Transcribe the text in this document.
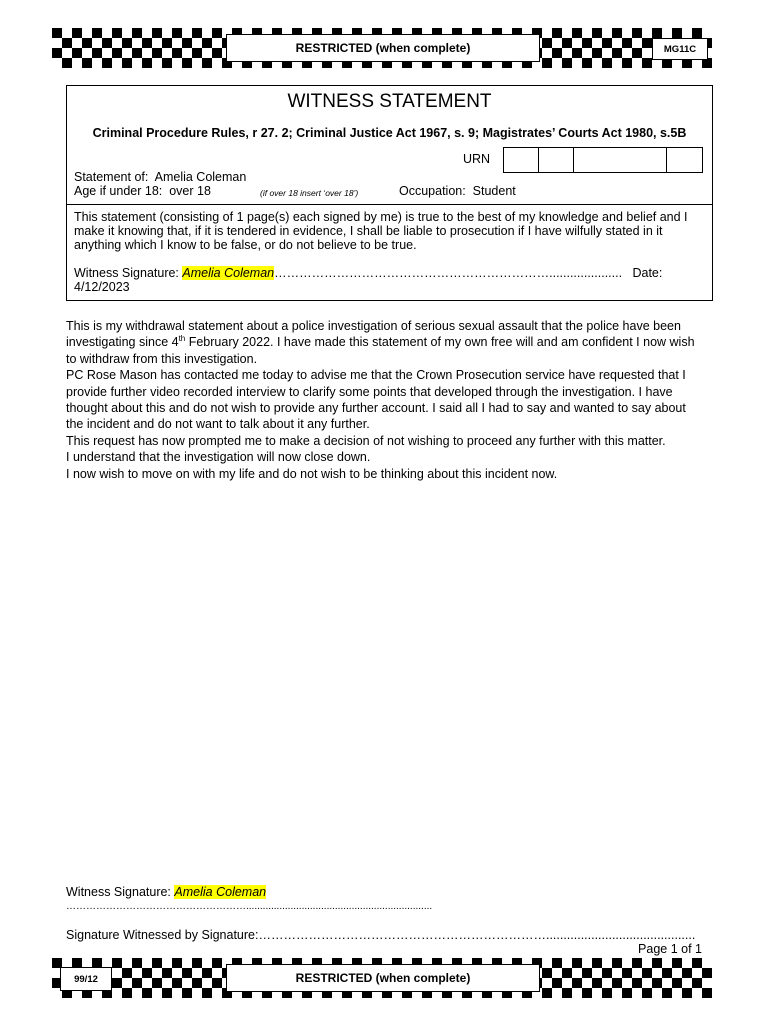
RESTRICTED (when complete)	MG11C
WITNESS STATEMENT
Criminal Procedure Rules, r 27. 2; Criminal Justice Act 1967, s. 9; Magistrates’ Courts Act 1980, s.5B
URN
Statement of: Amelia Coleman
Age if under 18: over 18	(if over 18 insert ‘over 18’)	Occupation: Student
This statement (consisting of 1 page(s) each signed by me) is true to the best of my knowledge and belief and I make it knowing that, if it is tendered in evidence, I shall be liable to prosecution if I have wilfully stated in it anything which I know to be false, or do not believe to be true.
Witness Signature: Amelia Coleman…………………………………………………………..................... Date:
4/12/2023

This is my withdrawal statement about a police investigation of serious sexual assault that the police have been investigating since 4th February 2022. I have made this statement of my own free will and am confident I now wish to withdraw from this investigation.

PC Rose Mason has contacted me today to advise me that the Crown Prosecution service have requested that I provide further video recorded interview to clarify some points that developed through the investigation. I have thought about this and do not wish to provide any further account. I said all I had to say and wanted to say about the incident and do not want to talk about it any further.

This request has now prompted me to make a decision of not wishing to proceed any further with this matter.

I understand that the investigation will now close down.

I now wish to move on with my life and do not wish to be thinking about this incident now.

Witness Signature: Amelia Coleman
………………………………………………...................................................................
Signature Witnessed by Signature:……………………………………………………………...........................................
Page 1 of 1
99/12	RESTRICTED (when complete)
